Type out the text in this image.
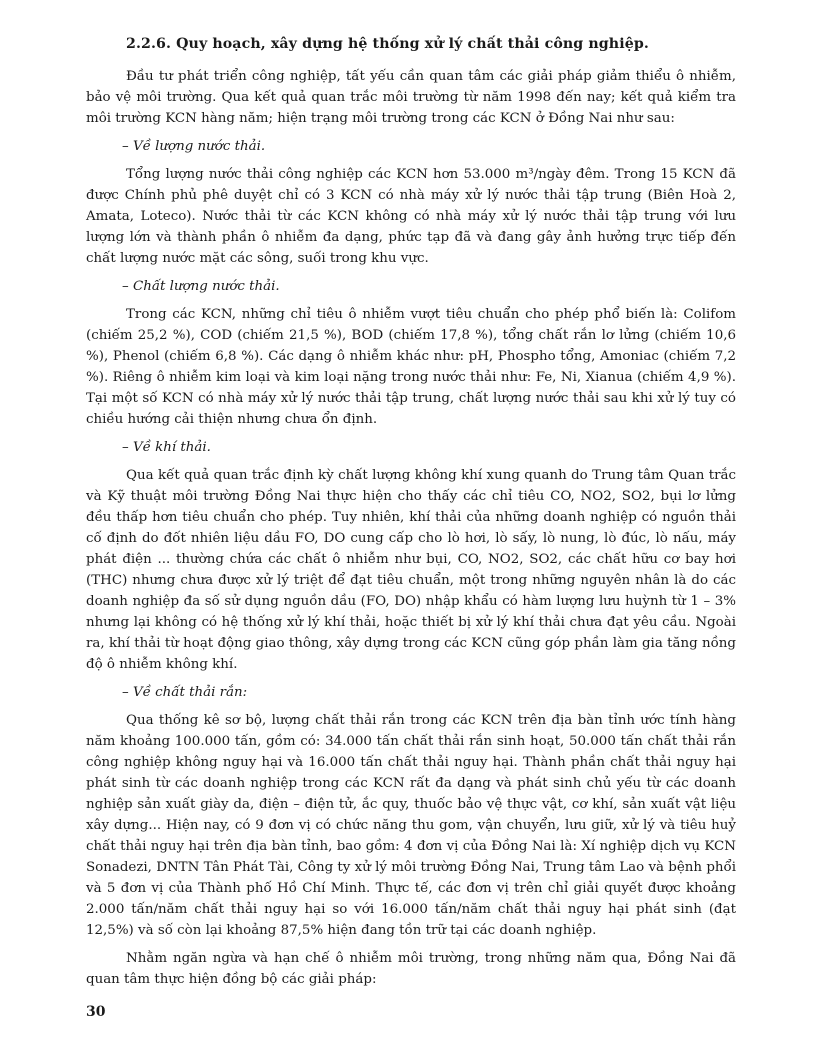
2.2.6. Quy hoạch, xây dựng hệ thống xử lý chất thải công nghiệp.

Đầu tư phát triển công nghiệp, tất yếu cần quan tâm các giải pháp giảm thiểu ô nhiễm, bảo vệ môi trường. Qua kết quả quan trắc môi trường từ năm 1998 đến nay; kết quả kiểm tra môi trường KCN hàng năm; hiện trạng môi trường trong các KCN ở Đồng Nai như sau:

– Về lượng nước thải.

Tổng lượng nước thải công nghiệp các KCN hơn 53.000 m³/ngày đêm. Trong 15 KCN đã được Chính phủ phê duyệt chỉ có 3 KCN có nhà máy xử lý nước thải tập trung (Biên Hoà 2, Amata, Loteco). Nước thải từ các KCN không có nhà máy xử lý nước thải tập trung với lưu lượng lớn và thành phần ô nhiễm đa dạng, phức tạp đã và đang gây ảnh hưởng trực tiếp đến chất lượng nước mặt các sông, suối trong khu vực.

– Chất lượng nước thải.

Trong các KCN, những chỉ tiêu ô nhiễm vượt tiêu chuẩn cho phép phổ biến là: Colifom (chiếm 25,2 %), COD (chiếm 21,5 %), BOD (chiếm 17,8 %), tổng chất rắn lơ lửng (chiếm 10,6 %), Phenol (chiếm 6,8 %). Các dạng ô nhiễm khác như: pH, Phospho tổng, Amoniac (chiếm 7,2 %). Riêng ô nhiễm kim loại và kim loại nặng trong nước thải như: Fe, Ni, Xianua (chiếm 4,9 %). Tại một số KCN có nhà máy xử lý nước thải tập trung, chất lượng nước thải sau khi xử lý tuy có chiều hướng cải thiện nhưng chưa ổn định.

– Về khí thải.

Qua kết quả quan trắc định kỳ chất lượng không khí xung quanh do Trung tâm Quan trắc và Kỹ thuật môi trường Đồng Nai thực hiện cho thấy các chỉ tiêu CO, NO2, SO2, bụi lơ lửng đều thấp hơn tiêu chuẩn cho phép. Tuy nhiên, khí thải của những doanh nghiệp có nguồn thải cố định do đốt nhiên liệu dầu FO, DO cung cấp cho lò hơi, lò sấy, lò nung, lò đúc, lò nấu, máy phát điện ... thường chứa các chất ô nhiễm như bụi, CO, NO2, SO2, các chất hữu cơ bay hơi (THC) nhưng chưa được xử lý triệt để đạt tiêu chuẩn, một trong những nguyên nhân là do các doanh nghiệp đa số sử dụng nguồn dầu (FO, DO) nhập khẩu có hàm lượng lưu huỳnh từ 1 – 3% nhưng lại không có hệ thống xử lý khí thải, hoặc thiết bị xử lý khí thải chưa đạt yêu cầu. Ngoài ra, khí thải từ hoạt động giao thông, xây dựng trong các KCN cũng góp phần làm gia tăng nồng độ ô nhiễm không khí.

– Về chất thải rắn:

Qua thống kê sơ bộ, lượng chất thải rắn trong các KCN trên địa bàn tỉnh ước tính hàng năm khoảng 100.000 tấn, gồm có: 34.000 tấn chất thải rắn sinh hoạt, 50.000 tấn chất thải rắn công nghiệp không nguy hại và 16.000 tấn chất thải nguy hại. Thành phần chất thải nguy hại phát sinh từ các doanh nghiệp trong các KCN rất đa dạng và phát sinh chủ yếu từ các doanh nghiệp sản xuất giày da, điện – điện tử, ắc quy, thuốc bảo vệ thực vật, cơ khí, sản xuất vật liệu xây dựng... Hiện nay, có 9 đơn vị có chức năng thu gom, vận chuyển, lưu giữ, xử lý và tiêu huỷ chất thải nguy hại trên địa bàn tỉnh, bao gồm: 4 đơn vị của Đồng Nai là: Xí nghiệp dịch vụ KCN Sonadezi, DNTN Tân Phát Tài, Công ty xử lý môi trường Đồng Nai, Trung tâm Lao và bệnh phổi và 5 đơn vị của Thành phố Hồ Chí Minh. Thực tế, các đơn vị trên chỉ giải quyết được khoảng 2.000 tấn/năm chất thải nguy hại so với 16.000 tấn/năm chất thải nguy hại phát sinh (đạt 12,5%) và số còn lại khoảng 87,5% hiện đang tồn trữ tại các doanh nghiệp.

Nhằm ngăn ngừa và hạn chế ô nhiễm môi trường, trong những năm qua, Đồng Nai đã quan tâm thực hiện đồng bộ các giải pháp:

30
